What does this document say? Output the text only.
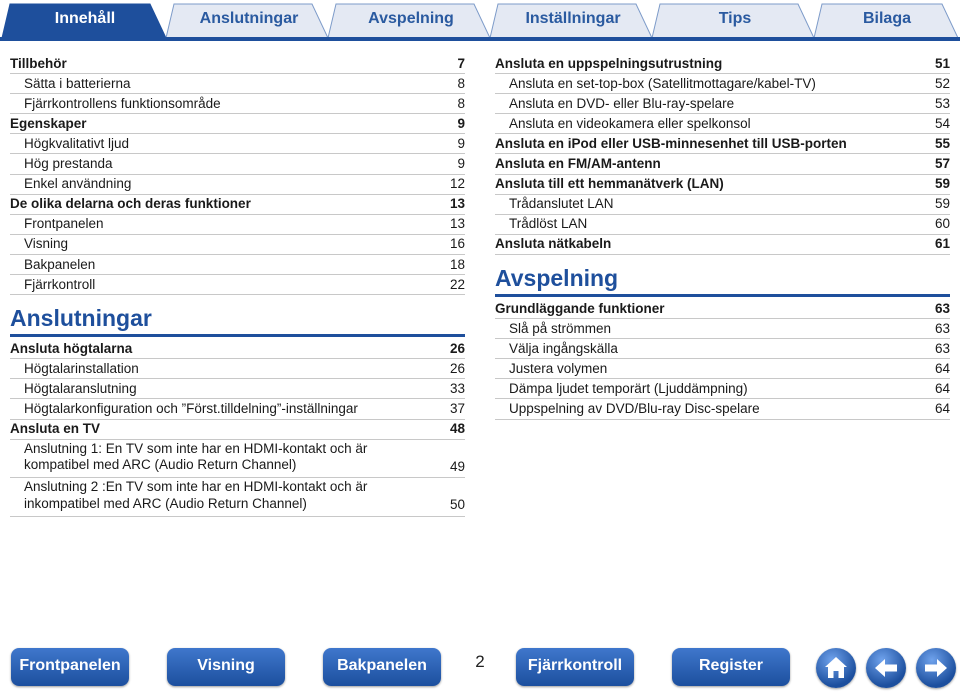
Innehåll	Anslutningar	Avspelning	Inställningar	Tips	Bilaga
Tillbehör	7
Sätta i batterierna	8
Fjärrkontrollens funktionsområde	8
Egenskaper	9
Högkvalitativt ljud	9
Hög prestanda	9
Enkel användning	12
De olika delarna och deras funktioner	13
Frontpanelen	13
Visning	16
Bakpanelen	18
Fjärrkontroll	22
Anslutningar
Ansluta högtalarna	26
Högtalarinstallation	26
Högtalaranslutning	33
Högtalarkonfiguration och ”Först.tilldelning”-inställningar	37
Ansluta en TV	48
Anslutning 1: En TV som inte har en HDMI-kontakt och är kompatibel med ARC (Audio Return Channel)	49
Anslutning 2 :En TV som inte har en HDMI-kontakt och är inkompatibel med ARC (Audio Return Channel)	50
Ansluta en uppspelningsutrustning	51
Ansluta en set-top-box (Satellitmottagare/kabel-TV)	52
Ansluta en DVD- eller Blu-ray-spelare	53
Ansluta en videokamera eller spelkonsol	54
Ansluta en iPod eller USB-minnesenhet till USB-porten	55
Ansluta en FM/AM-antenn	57
Ansluta till ett hemmanätverk (LAN)	59
Trådanslutet LAN	59
Trådlöst LAN	60
Ansluta nätkabeln	61
Avspelning
Grundläggande funktioner	63
Slå på strömmen	63
Välja ingångskälla	63
Justera volymen	64
Dämpa ljudet temporärt (Ljuddämpning)	64
Uppspelning av DVD/Blu-ray Disc-spelare	64
Frontpanelen	Visning	Bakpanelen	2	Fjärrkontroll	Register
